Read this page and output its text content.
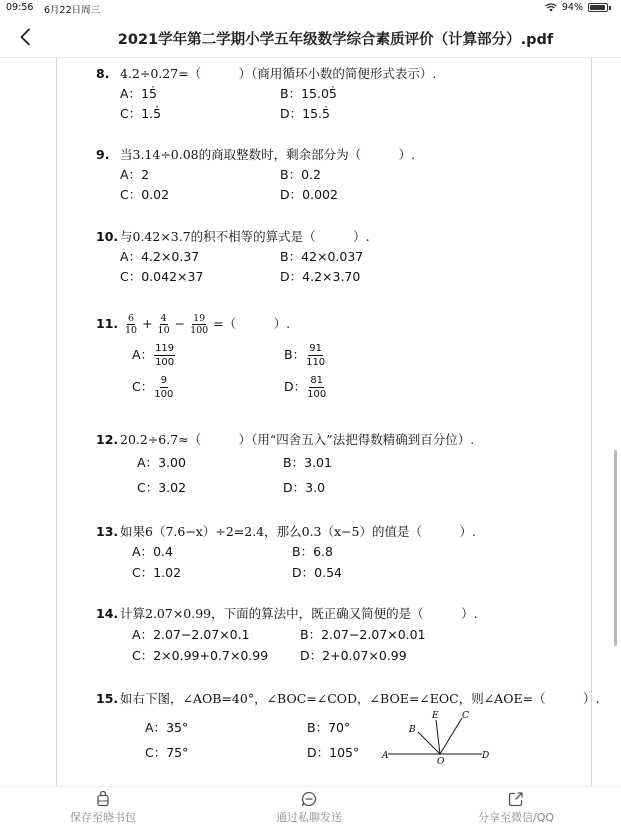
09:56 6月22日周三	94%
2021学年第二学期小学五年级数学综合素质评价（计算部分）.pdf
8. 4.2÷0.27=（　　　）（商用循环小数的简便形式表示）.
A：15̇	B：15.05̇
C：1.5̇	D：15.5̇
9. 当3.14÷0.08的商取整数时，剩余部分为（　　　）.
A：2	B：0.2
C：0.02	D：0.002
10. 与0.42×3.7的积不相等的算式是（　　　）.
A：4.2×0.37	B：42×0.037
C：0.042×37	D：4.2×3.70
11. $\frac{6}{10} + \frac{4}{10} - \frac{19}{100}$ =（　　　）.
A： $\frac{119}{100}$	B： $\frac{91}{110}$
C： $\frac{9}{100}$	D： $\frac{81}{100}$
12. 20.2÷6.7≈（　　　）（用“四舍五入”法把得数精确到百分位）.
A：3.00	B：3.01
C：3.02	D：3.0
13. 如果6（7.6−x）÷2=2.4，那么0.3（x−5）的值是（　　　）.
A：0.4	B：6.8
C：1.02	D：0.54
14. 计算2.07×0.99，下面的算法中，既正确又简便的是（　　　）.
A：2.07−2.07×0.1	B：2.07−2.07×0.01
C：2×0.99+0.7×0.99	D：2+0.07×0.99
15. 如右下图，∠AOB=40°，∠BOC=∠COD，∠BOE=∠EOC，则∠AOE=（　　　）.
A：35°	B：70°
C：75°	D：105°	A
B
E	C
O
D
保存至晓书包	通过私聊发送	分享至微信/QQ
